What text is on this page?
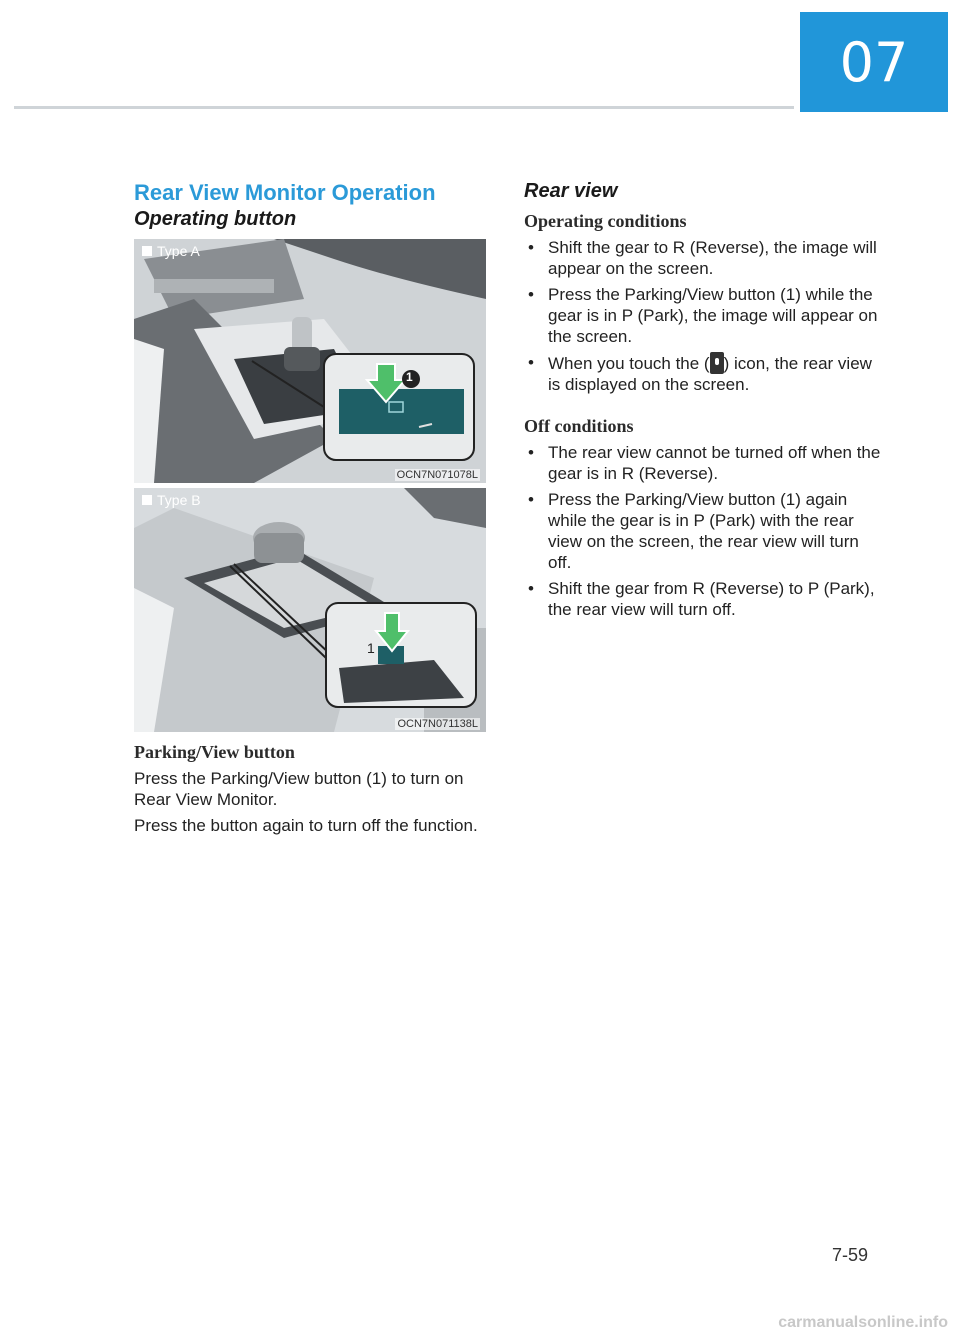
07
Rear View Monitor Operation
Operating button
Type A
1
OCN7N071078L
Type B
1
OCN7N071138L
Parking/View button
Press the Parking/View button (1) to turn on Rear View Monitor.
Press the button again to turn off the function.
Rear view
Operating conditions
• Shift the gear to R (Reverse), the image will appear on the screen.
• Press the Parking/View button (1) while the gear is in P (Park), the image will appear on the screen.
• When you touch the ( ) icon, the rear view is displayed on the screen.
Off conditions
• The rear view cannot be turned off when the gear is in R (Reverse).
• Press the Parking/View button (1) again while the gear is in P (Park) with the rear view on the screen, the rear view will turn off.
• Shift the gear from R (Reverse) to P (Park), the rear view will turn off.
7-59
carmanualsonline.info
